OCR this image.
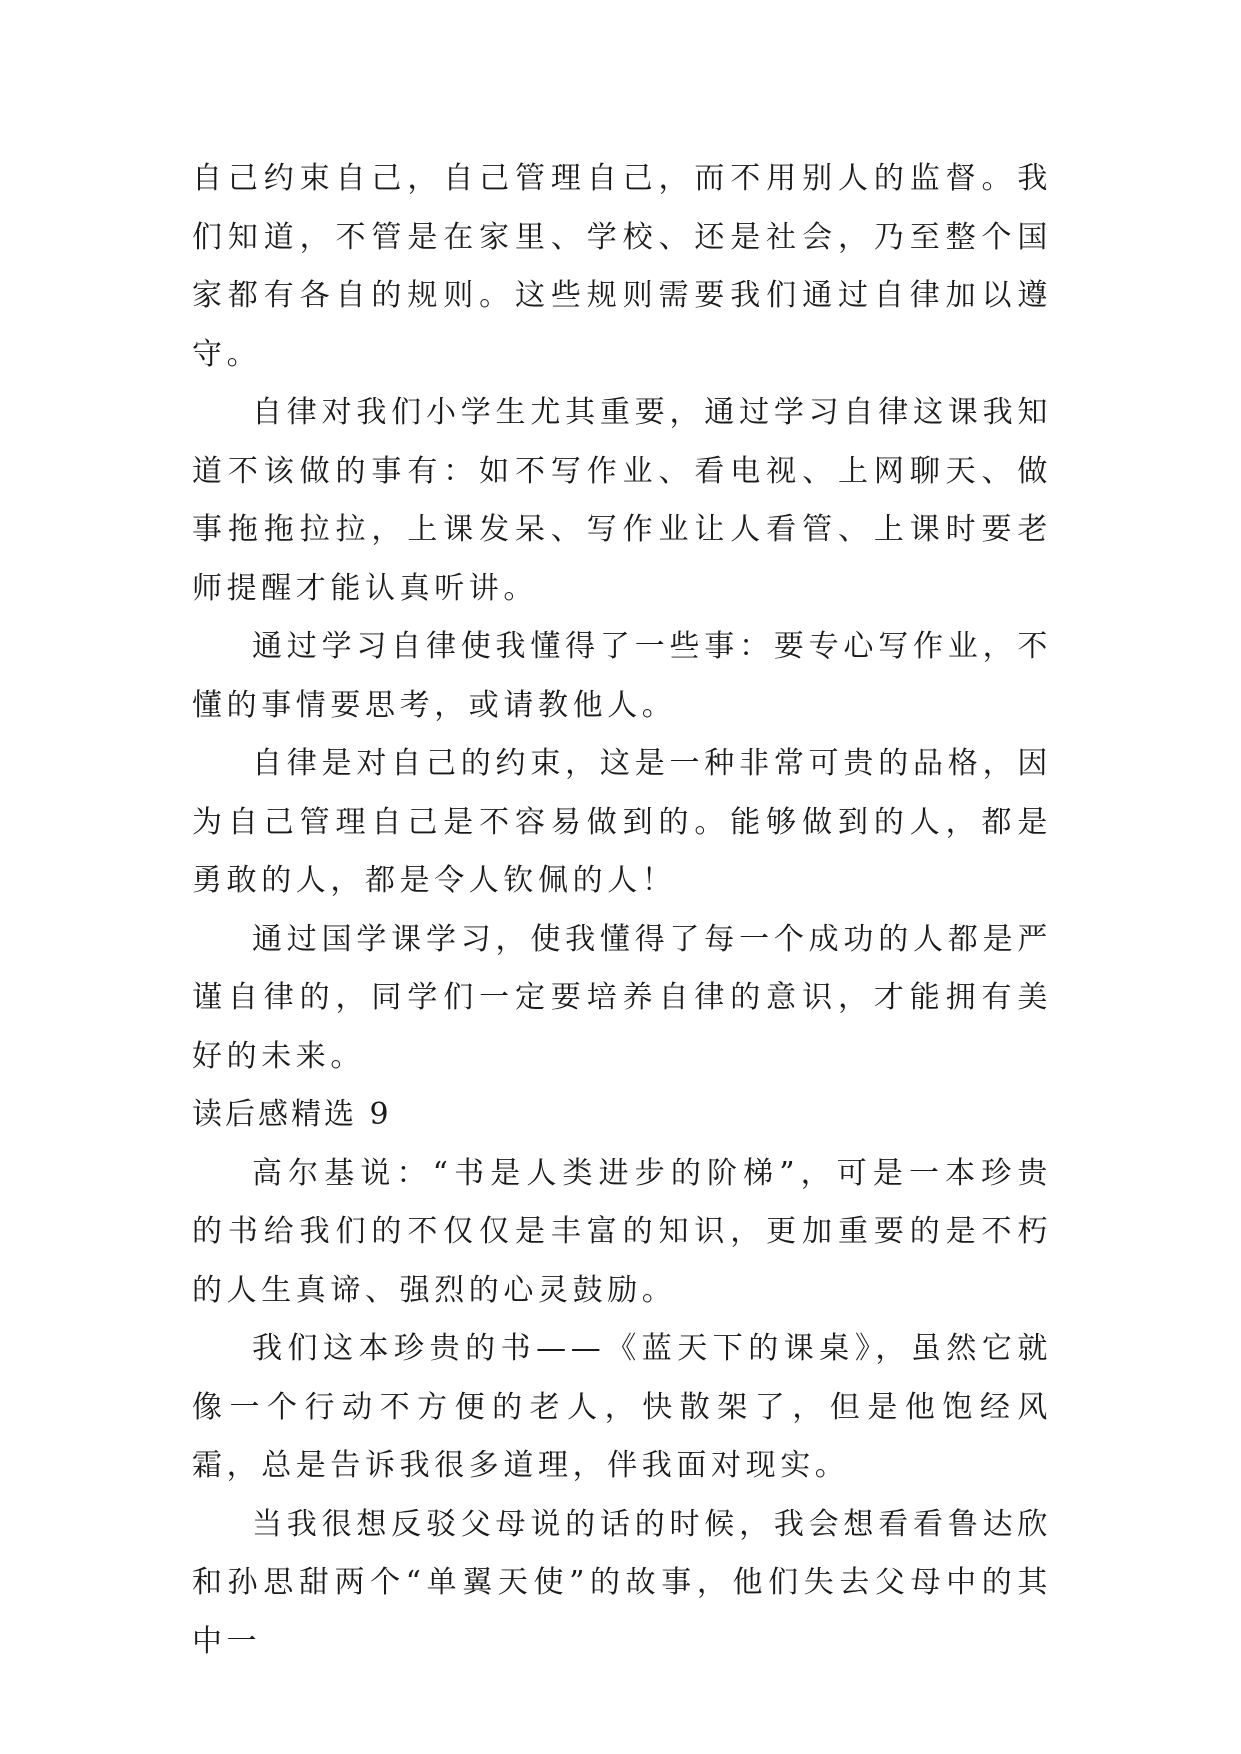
自己约束自己，自己管理自己，而不用别人的监督。我们知道，不管是在家里、学校、还是社会，乃至整个国家都有各自的规则。这些规则需要我们通过自律加以遵守。

自律对我们小学生尤其重要，通过学习自律这课我知道不该做的事有：如不写作业、看电视、上网聊天、做事拖拖拉拉，上课发呆、写作业让人看管、上课时要老师提醒才能认真听讲。

通过学习自律使我懂得了一些事：要专心写作业，不懂的事情要思考，或请教他人。

自律是对自己的约束，这是一种非常可贵的品格，因为自己管理自己是不容易做到的。能够做到的人，都是勇敢的人，都是令人钦佩的人！

通过国学课学习，使我懂得了每一个成功的人都是严谨自律的，同学们一定要培养自律的意识，才能拥有美好的未来。

读后感精选 9

高尔基说：“书是人类进步的阶梯”，可是一本珍贵的书给我们的不仅仅是丰富的知识，更加重要的是不朽的人生真谛、强烈的心灵鼓励。

我们这本珍贵的书——《蓝天下的课桌》，虽然它就像一个行动不方便的老人，快散架了，但是他饱经风霜，总是告诉我很多道理，伴我面对现实。

当我很想反驳父母说的话的时候，我会想看看鲁达欣和孙思甜两个“单翼天使”的故事，他们失去父母中的其中一
